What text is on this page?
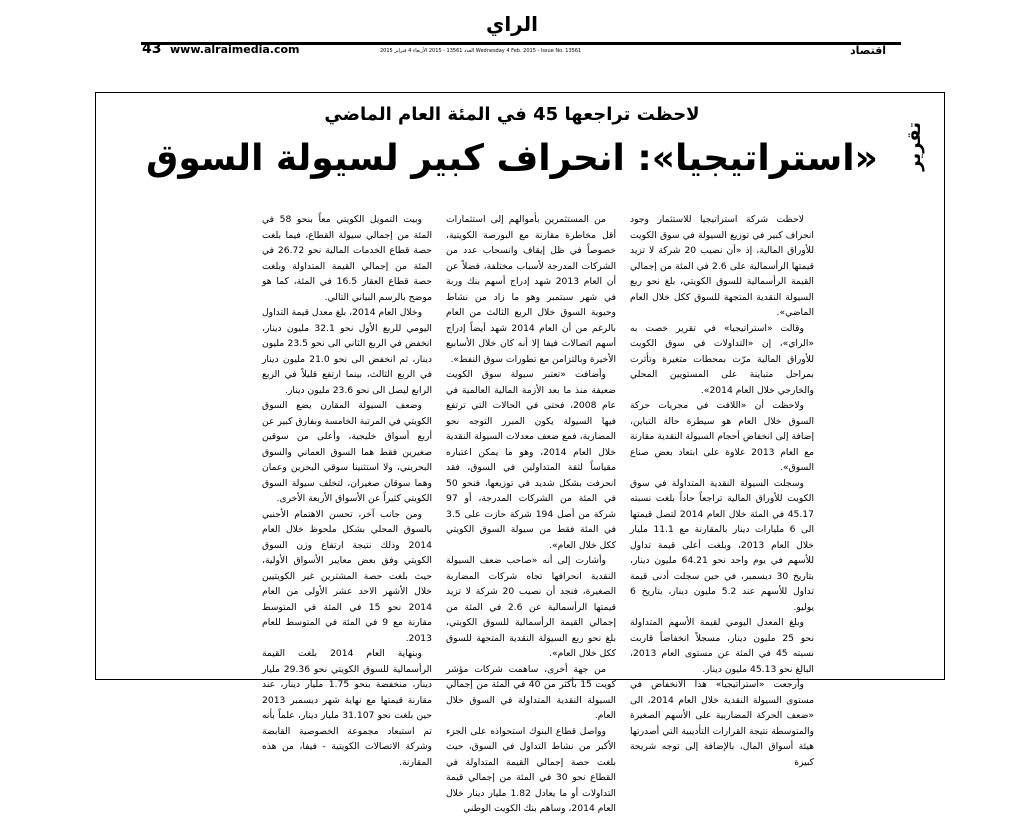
الراي
43 www.alraimedia.com	العدد 13561 - 2015 الأربعاء 4 فبراير 2015 Wednesday 4 Feb. 2015 - Issue No. 13561	اقتصاد
تقرير
لاحظت تراجعها 45 في المئة العام الماضي
«استراتيجيا»: انحراف كبير لسيولة السوق

لاحظت شركة استراتيجيا للاستثمار وجود انحراف كبير في توزيع السيولة في سوق الكويت للأوراق المالية، إذ «أن نصيب 20 شركة لا تزيد قيمتها الرأسمالية على 2.6 في المئة من إجمالي القيمة الرأسمالية للسوق الكويتي، بلغ نحو ربع السيولة النقدية المتجهة للسوق ككل خلال العام الماضي».

وقالت «استراتيجيا» في تقرير خصت به «الراي»، إن «التداولات في سوق الكويت للأوراق المالية مرّت بمحطات متغيرة وتأثرت بمراحل متباينة على المستويين المحلي والخارجي خلال العام 2014».

ولاحظت أن «اللافت في مجريات حركة السوق خلال العام هو سيطرة حالة التباين، إضافة إلى انخفاض أحجام السيولة النقدية مقارنة مع العام 2013 علاوة على ابتعاد بعض صناع السوق».

وسجلت السيولة النقدية المتداولة في سوق الكويت للأوراق المالية تراجعاً حاداً بلغت نسبته 45.17 في المئة خلال العام 2014 لتصل قيمتها الى 6 مليارات دينار بالمقارنة مع 11.1 مليار خلال العام 2013، وبلغت أعلى قيمة تداول للأسهم في يوم واحد نحو 64.21 مليون دينار، بتاريخ 30 ديسمبر، في حين سجلت أدنى قيمة تداول للأسهم عند 5.2 مليون دينار، بتاريخ 6 يوليو.

وبلغ المعدل اليومي لقيمة الأسهم المتداولة نحو 25 مليون دينار، مسجلاً انخفاضاً قاربت نسبته 45 في المئة عن مستوى العام 2013، البالغ نحو 45.13 مليون دينار.

وأرجعت «استراتيجيا» هذا الانخفاض في مستوى السيولة النقدية خلال العام 2014، الى «ضعف الحركة المضاربية على الأسهم الصغيرة والمتوسطة نتيجة القرارات التأديبية التي أصدرتها هيئة أسواق المال، بالإضافة إلى توجه شريحة كبيرة

من المستثمرين بأموالهم إلى استثمارات أقل مخاطرة مقارنة مع البورصة الكويتية، خصوصاً في ظل إيقاف وانسحاب عدد من الشركات المدرجة لأسباب مختلفة، فضلاً عن أن العام 2013 شهد إدراج أسهم بنك وربة في شهر سبتمبر وهو ما زاد من نشاط وحيوية السوق خلال الربع الثالث من العام بالرغم من أن العام 2014 شهد أيضاً إدراج أسهم اتصالات فيفا إلا أنه كان خلال الأسابيع الأخيرة وبالتزامن مع تطورات سوق النفط».

وأضافت «تعتبر سيولة سوق الكويت ضعيفة منذ ما بعد الأزمة المالية العالمية في عام 2008، فحتى في الحالات التي ترتفع فيها السيولة يكون المبرر التوجه نحو المضاربة، فمع ضعف معدلات السيولة النقدية خلال العام 2014، وهو ما يمكن اعتباره مقياساً لثقة المتداولين في السوق، فقد انحرفت بشكل شديد في توزيعها، فنحو 50 في المئة من الشركات المدرجة، أو 97 شركة من أصل 194 شركة حازت على 3.5 في المئة فقط من سيولة السوق الكويتي ككل خلال العام».

وأشارت إلى أنه «صاحب ضعف السيولة النقدية انحرافها تجاه شركات المضاربة الصغيرة، فنجد أن نصيب 20 شركة لا تزيد قيمتها الرأسمالية عن 2.6 في المئة من إجمالي القيمة الرأسمالية للسوق الكويتي، بلغ نحو ربع السيولة النقدية المتجهة للسوق ككل خلال العام».

من جهة أخرى، ساهمت شركات مؤشر كويت 15 بأكثر من 40 في المئة من إجمالي السيولة النقدية المتداولة في السوق خلال العام.

وواصل قطاع البنوك استحواذه على الجزء الأكبر من نشاط التداول في السوق، حيث بلغت حصة إجمالي القيمة المتداولة في القطاع نحو 30 في المئة من إجمالي قيمة التداولات أو ما يعادل 1.82 مليار دينار خلال العام 2014، وساهم بنك الكويت الوطني

وبيت التمويل الكويتي معاً بنحو 58 في المئة من إجمالي سيولة القطاع، فيما بلغت حصة قطاع الخدمات المالية نحو 26.72 في المئة من إجمالي القيمة المتداولة وبلغت حصة قطاع العقار 16.5 في المئة، كما هو موضح بالرسم البياني التالي.

وخلال العام 2014، بلغ معدل قيمة التداول اليومي للربع الأول نحو 32.1 مليون دينار، انخفض في الربع الثاني الى نحو 23.5 مليون دينار، ثم انخفض الى نحو 21.0 مليون دينار في الربع الثالث، بينما ارتفع قليلاً في الربع الرابع ليصل الى نحو 23.6 مليون دينار.

وضعف السيولة المقارن يضع السوق الكويتي في المرتبة الخامسة وبفارق كبير عن أربع أسواق خليجية، وأعلى من سوقين صغيرين فقط هما السوق العماني والسوق البحريني، ولا استثنينا سوقي البحرين وعمان وهما سوقان صغيران، لتخلف سيولة السوق الكويتي كثيراً عن الأسواق الأربعة الأخرى.

ومن جانب آخر، تحسن الاهتمام الأجنبي بالسوق المحلي بشكل ملحوظ خلال العام 2014 وذلك نتيجة ارتفاع وزن السوق الكويتي وفق بعض معايير الأسواق الأولية، حيث بلغت حصة المشترين غير الكويتيين خلال الأشهر الاحد عشر الأولى من العام 2014 نحو 15 في المئة في المتوسط مقارنة مع 9 في المئة في المتوسط للعام 2013.

وبنهاية العام 2014 بلغت القيمة الرأسمالية للسوق الكويتي نحو 29.36 مليار دينار، منخفضة بنحو 1.75 مليار دينار، عند مقارنة قيمتها مع نهاية شهر ديسمبر 2013 حين بلغت نحو 31.107 مليار دينار، علماً بأنه تم استبعاد مجموعة الخصوصية القابضة وشركة الاتصالات الكويتية - فيفا، من هذه المقارنة.
